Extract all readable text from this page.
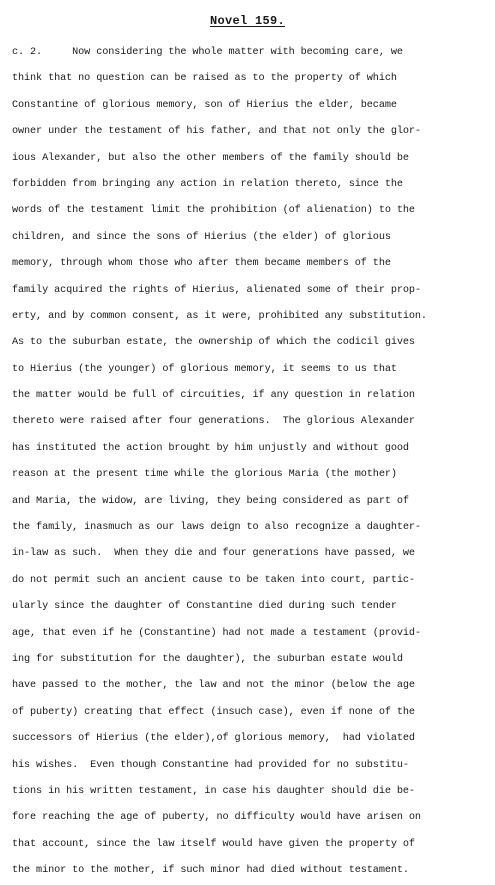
Novel 159.
c. 2.     Now considering the whole matter with becoming care, we
think that no question can be raised as to the property of which
Constantine of glorious memory, son of Hierius the elder, became
owner under the testament of his father, and that not only the glor-
ious Alexander, but also the other members of the family should be
forbidden from bringing any action in relation thereto, since the
words of the testament limit the prohibition (of alienation) to the
children, and since the sons of Hierius (the elder) of glorious
memory, through whom those who after them became members of the
family acquired the rights of Hierius, alienated some of their prop-
erty, and by common consent, as it were, prohibited any substitution.
As to the suburban estate, the ownership of which the codicil gives
to Hierius (the younger) of glorious memory, it seems to us that
the matter would be full of circuities, if any question in relation
thereto were raised after four generations.  The glorious Alexander
has instituted the action brought by him unjustly and without good
reason at the present time while the glorious Maria (the mother)
and Maria, the widow, are living, they being considered as part of
the family, inasmuch as our laws deign to also recognize a daughter-
in-law as such.  When they die and four generations have passed, we
do not permit such an ancient cause to be taken into court, partic-
ularly since the daughter of Constantine died during such tender
age, that even if he (Constantine) had not made a testament (provid-
ing for substitution for the daughter), the suburban estate would
have passed to the mother, the law and not the minor (below the age
of puberty) creating that effect (insuch case), even if none of the
successors of Hierius (the elder),of glorious memory,  had violated
his wishes.  Even though Constantine had provided for no substitu-
tions in his written testament, in case his daughter should die be-
fore reaching the age of puberty, no difficulty would have arisen on
that account, since the law itself would have given the property of
the minor to the mother, if such minor had died without testament.
